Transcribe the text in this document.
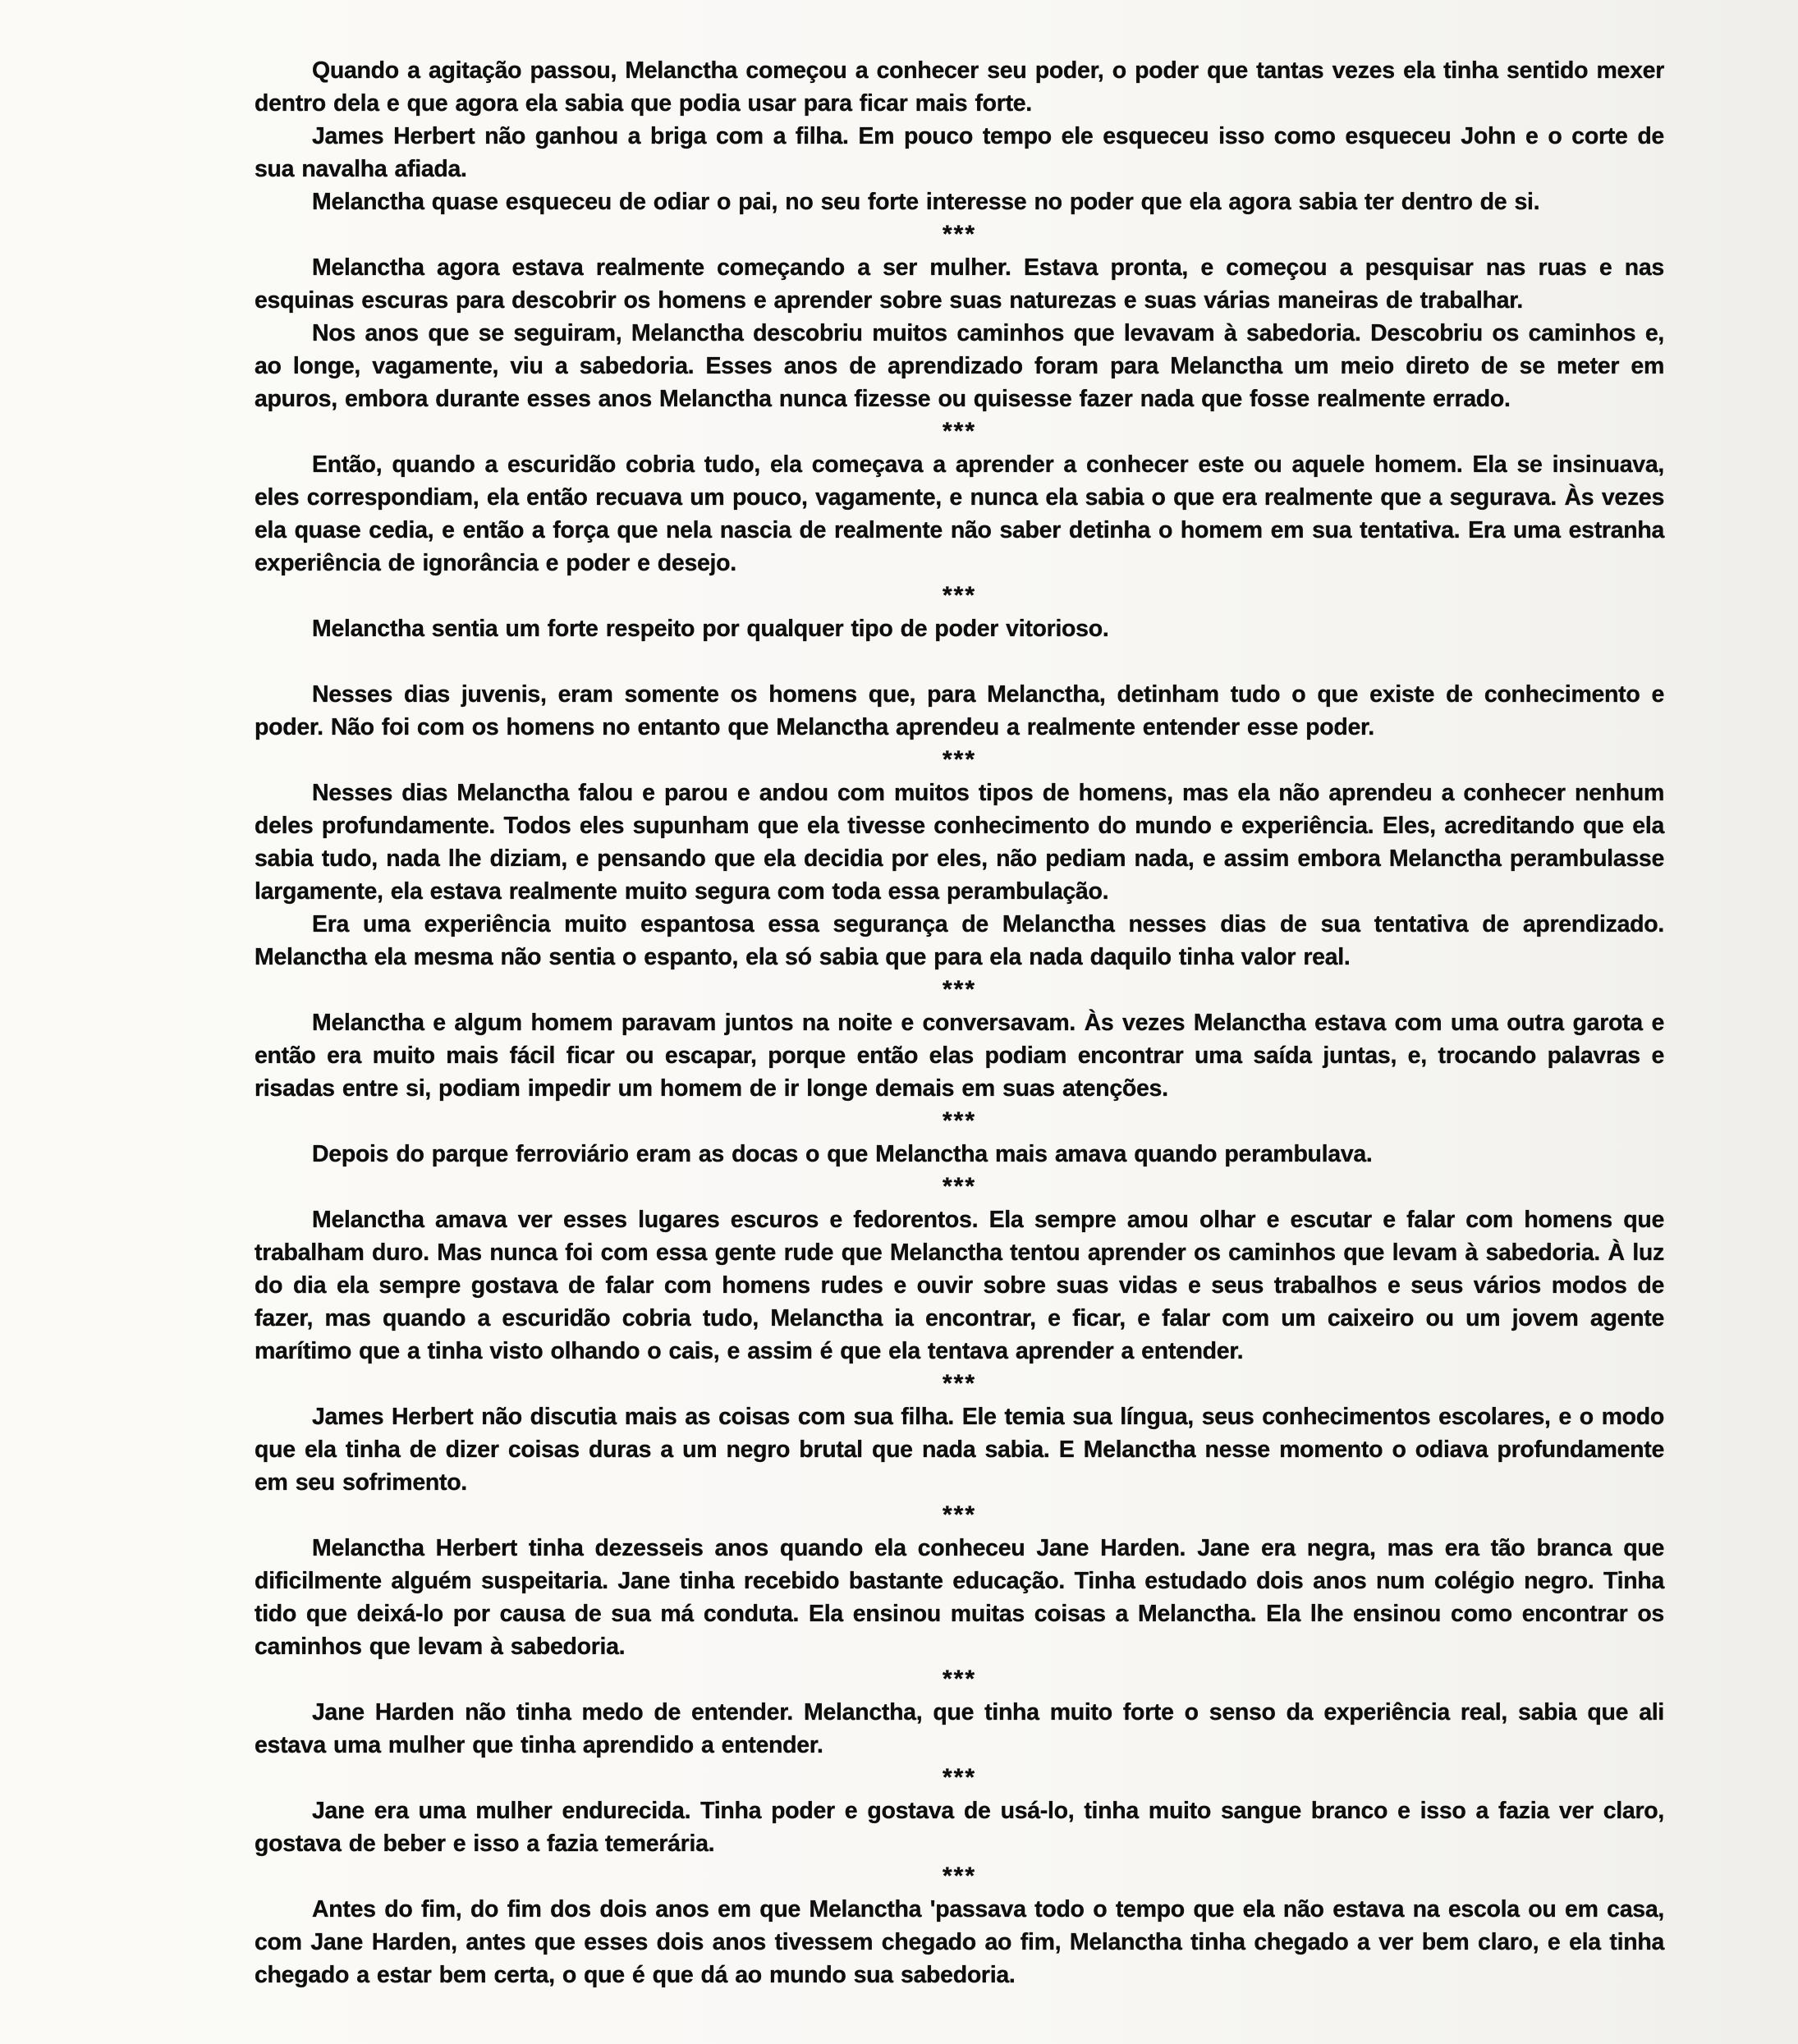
Quando a agitação passou, Melanctha começou a conhecer seu poder, o poder que tantas vezes ela tinha sentido mexer dentro dela e que agora ela sabia que podia usar para ficar mais forte.

James Herbert não ganhou a briga com a filha. Em pouco tempo ele esqueceu isso como esqueceu John e o corte de sua navalha afiada.

Melanctha quase esqueceu de odiar o pai, no seu forte interesse no poder que ela agora sabia ter dentro de si.

***

Melanctha agora estava realmente começando a ser mulher. Estava pronta, e começou a pesquisar nas ruas e nas esquinas escuras para descobrir os homens e aprender sobre suas naturezas e suas várias maneiras de trabalhar.

Nos anos que se seguiram, Melanctha descobriu muitos caminhos que levavam à sabedoria. Descobriu os caminhos e, ao longe, vagamente, viu a sabedoria. Esses anos de aprendizado foram para Melanctha um meio direto de se meter em apuros, embora durante esses anos Melanctha nunca fizesse ou quisesse fazer nada que fosse realmente errado.

***

Então, quando a escuridão cobria tudo, ela começava a aprender a conhecer este ou aquele homem. Ela se insinuava, eles correspondiam, ela então recuava um pouco, vagamente, e nunca ela sabia o que era realmente que a segurava. Às vezes ela quase cedia, e então a força que nela nascia de realmente não saber detinha o homem em sua tentativa. Era uma estranha experiência de ignorância e poder e desejo.

***

Melanctha sentia um forte respeito por qualquer tipo de poder vitorioso.

Nesses dias juvenis, eram somente os homens que, para Melanctha, detinham tudo o que existe de conhecimento e poder. Não foi com os homens no entanto que Melanctha aprendeu a realmente entender esse poder.

***

Nesses dias Melanctha falou e parou e andou com muitos tipos de homens, mas ela não aprendeu a conhecer nenhum deles profundamente. Todos eles supunham que ela tivesse conhecimento do mundo e experiência. Eles, acreditando que ela sabia tudo, nada lhe diziam, e pensando que ela decidia por eles, não pediam nada, e assim embora Melanctha perambulasse largamente, ela estava realmente muito segura com toda essa perambulação.

Era uma experiência muito espantosa essa segurança de Melanctha nesses dias de sua tentativa de aprendizado. Melanctha ela mesma não sentia o espanto, ela só sabia que para ela nada daquilo tinha valor real.

***

Melanctha e algum homem paravam juntos na noite e conversavam. Às vezes Melanctha estava com uma outra garota e então era muito mais fácil ficar ou escapar, porque então elas podiam encontrar uma saída juntas, e, trocando palavras e risadas entre si, podiam impedir um homem de ir longe demais em suas atenções.

***

Depois do parque ferroviário eram as docas o que Melanctha mais amava quando perambulava.

***

Melanctha amava ver esses lugares escuros e fedorentos. Ela sempre amou olhar e escutar e falar com homens que trabalham duro. Mas nunca foi com essa gente rude que Melanctha tentou aprender os caminhos que levam à sabedoria. À luz do dia ela sempre gostava de falar com homens rudes e ouvir sobre suas vidas e seus trabalhos e seus vários modos de fazer, mas quando a escuridão cobria tudo, Melanctha ia encontrar, e ficar, e falar com um caixeiro ou um jovem agente marítimo que a tinha visto olhando o cais, e assim é que ela tentava aprender a entender.

***

James Herbert não discutia mais as coisas com sua filha. Ele temia sua língua, seus conhecimentos escolares, e o modo que ela tinha de dizer coisas duras a um negro brutal que nada sabia. E Melanctha nesse momento o odiava profundamente em seu sofrimento.

***

Melanctha Herbert tinha dezesseis anos quando ela conheceu Jane Harden. Jane era negra, mas era tão branca que dificilmente alguém suspeitaria. Jane tinha recebido bastante educação. Tinha estudado dois anos num colégio negro. Tinha tido que deixá-lo por causa de sua má conduta. Ela ensinou muitas coisas a Melanctha. Ela lhe ensinou como encontrar os caminhos que levam à sabedoria.

***

Jane Harden não tinha medo de entender. Melanctha, que tinha muito forte o senso da experiência real, sabia que ali estava uma mulher que tinha aprendido a entender.

***

Jane era uma mulher endurecida. Tinha poder e gostava de usá-lo, tinha muito sangue branco e isso a fazia ver claro, gostava de beber e isso a fazia temerária.

***

Antes do fim, do fim dos dois anos em que Melanctha 'passava todo o tempo que ela não estava na escola ou em casa, com Jane Harden, antes que esses dois anos tivessem chegado ao fim, Melanctha tinha chegado a ver bem claro, e ela tinha chegado a estar bem certa, o que é que dá ao mundo sua sabedoria.
